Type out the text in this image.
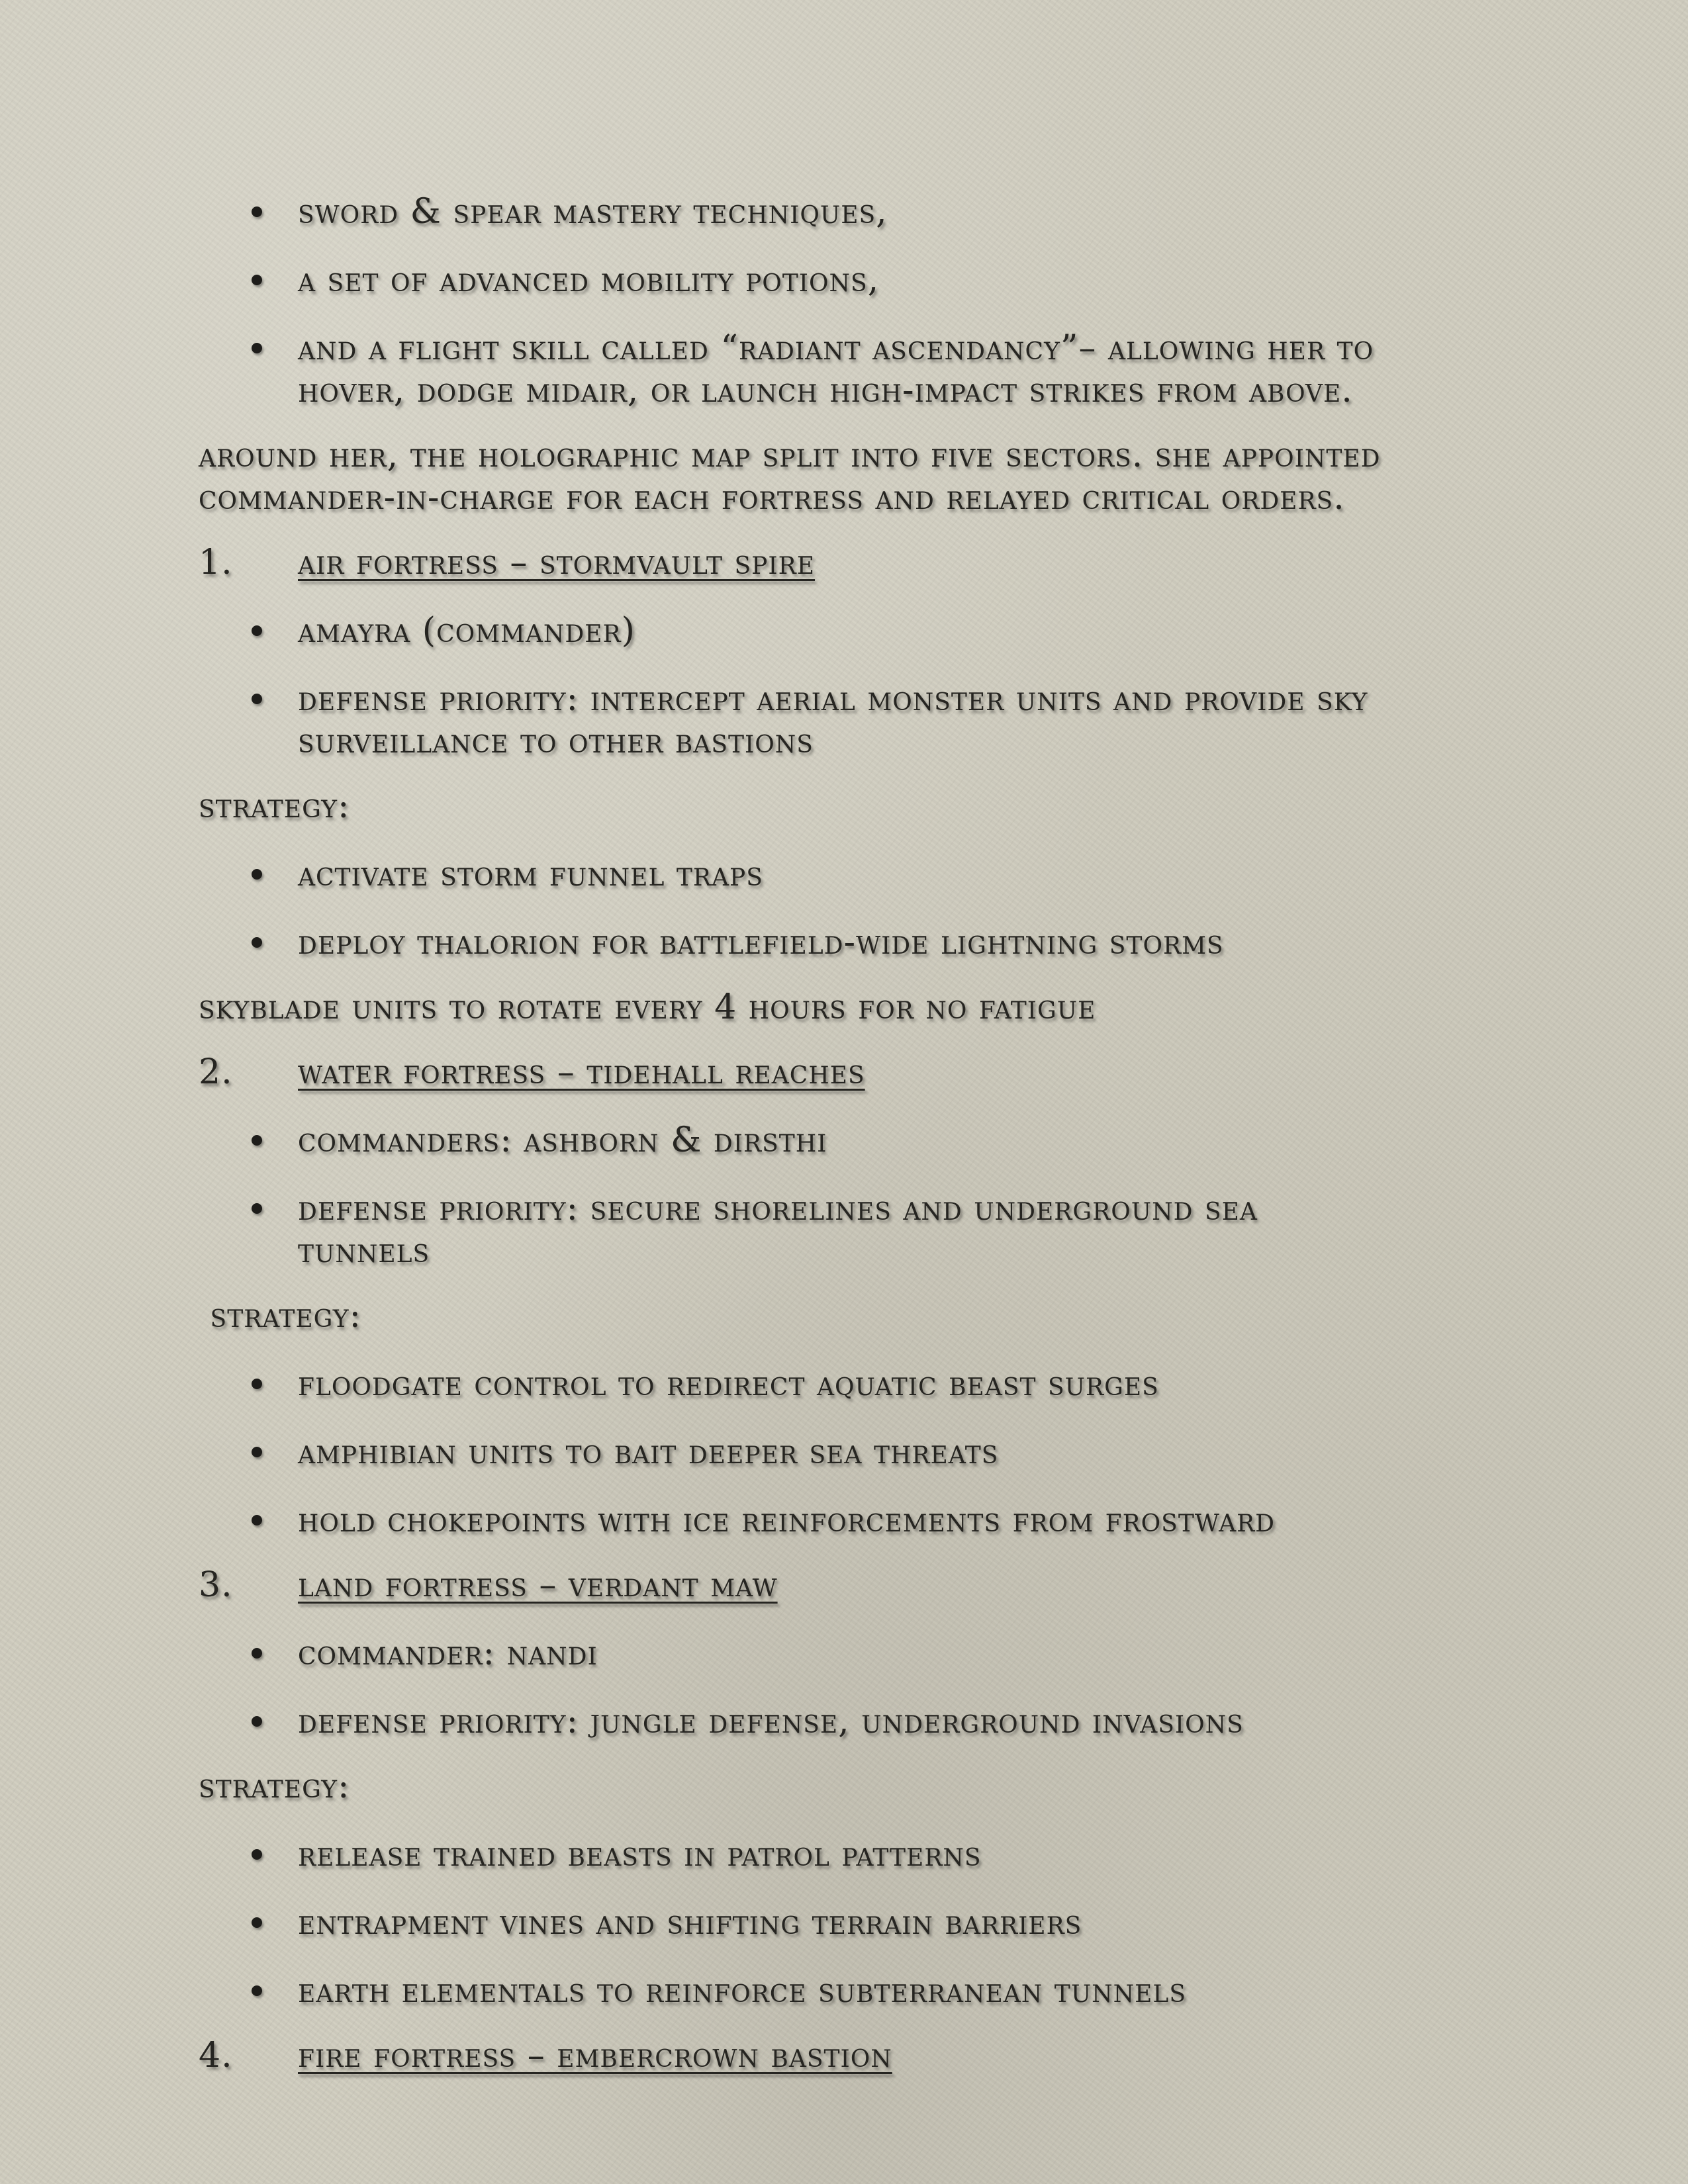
sword & spear mastery techniques,
a set of advanced mobility potions,
and a flight skill called “radiant ascendancy”– allowing her to
hover, dodge midair, or launch high-impact strikes from above.
around her, the holographic map split into five sectors. she appointed
commander-in-charge for each fortress and relayed critical orders.
1. air fortress – stormvault spire
amayra (commander)
defense priority: intercept aerial monster units and provide sky
surveillance to other bastions
strategy:
activate storm funnel traps
deploy thalorion for battlefield-wide lightning storms
skyblade units to rotate every 4 hours for no fatigue
2. water fortress – tidehall reaches
commanders: ashborn & dirsthi
defense priority: secure shorelines and underground sea
tunnels
strategy:
floodgate control to redirect aquatic beast surges
amphibian units to bait deeper sea threats
hold chokepoints with ice reinforcements from frostward
3. land fortress – verdant maw
commander: nandi
defense priority: jungle defense, underground invasions
strategy:
release trained beasts in patrol patterns
entrapment vines and shifting terrain barriers
earth elementals to reinforce subterranean tunnels
4. fire fortress – embercrown bastion
